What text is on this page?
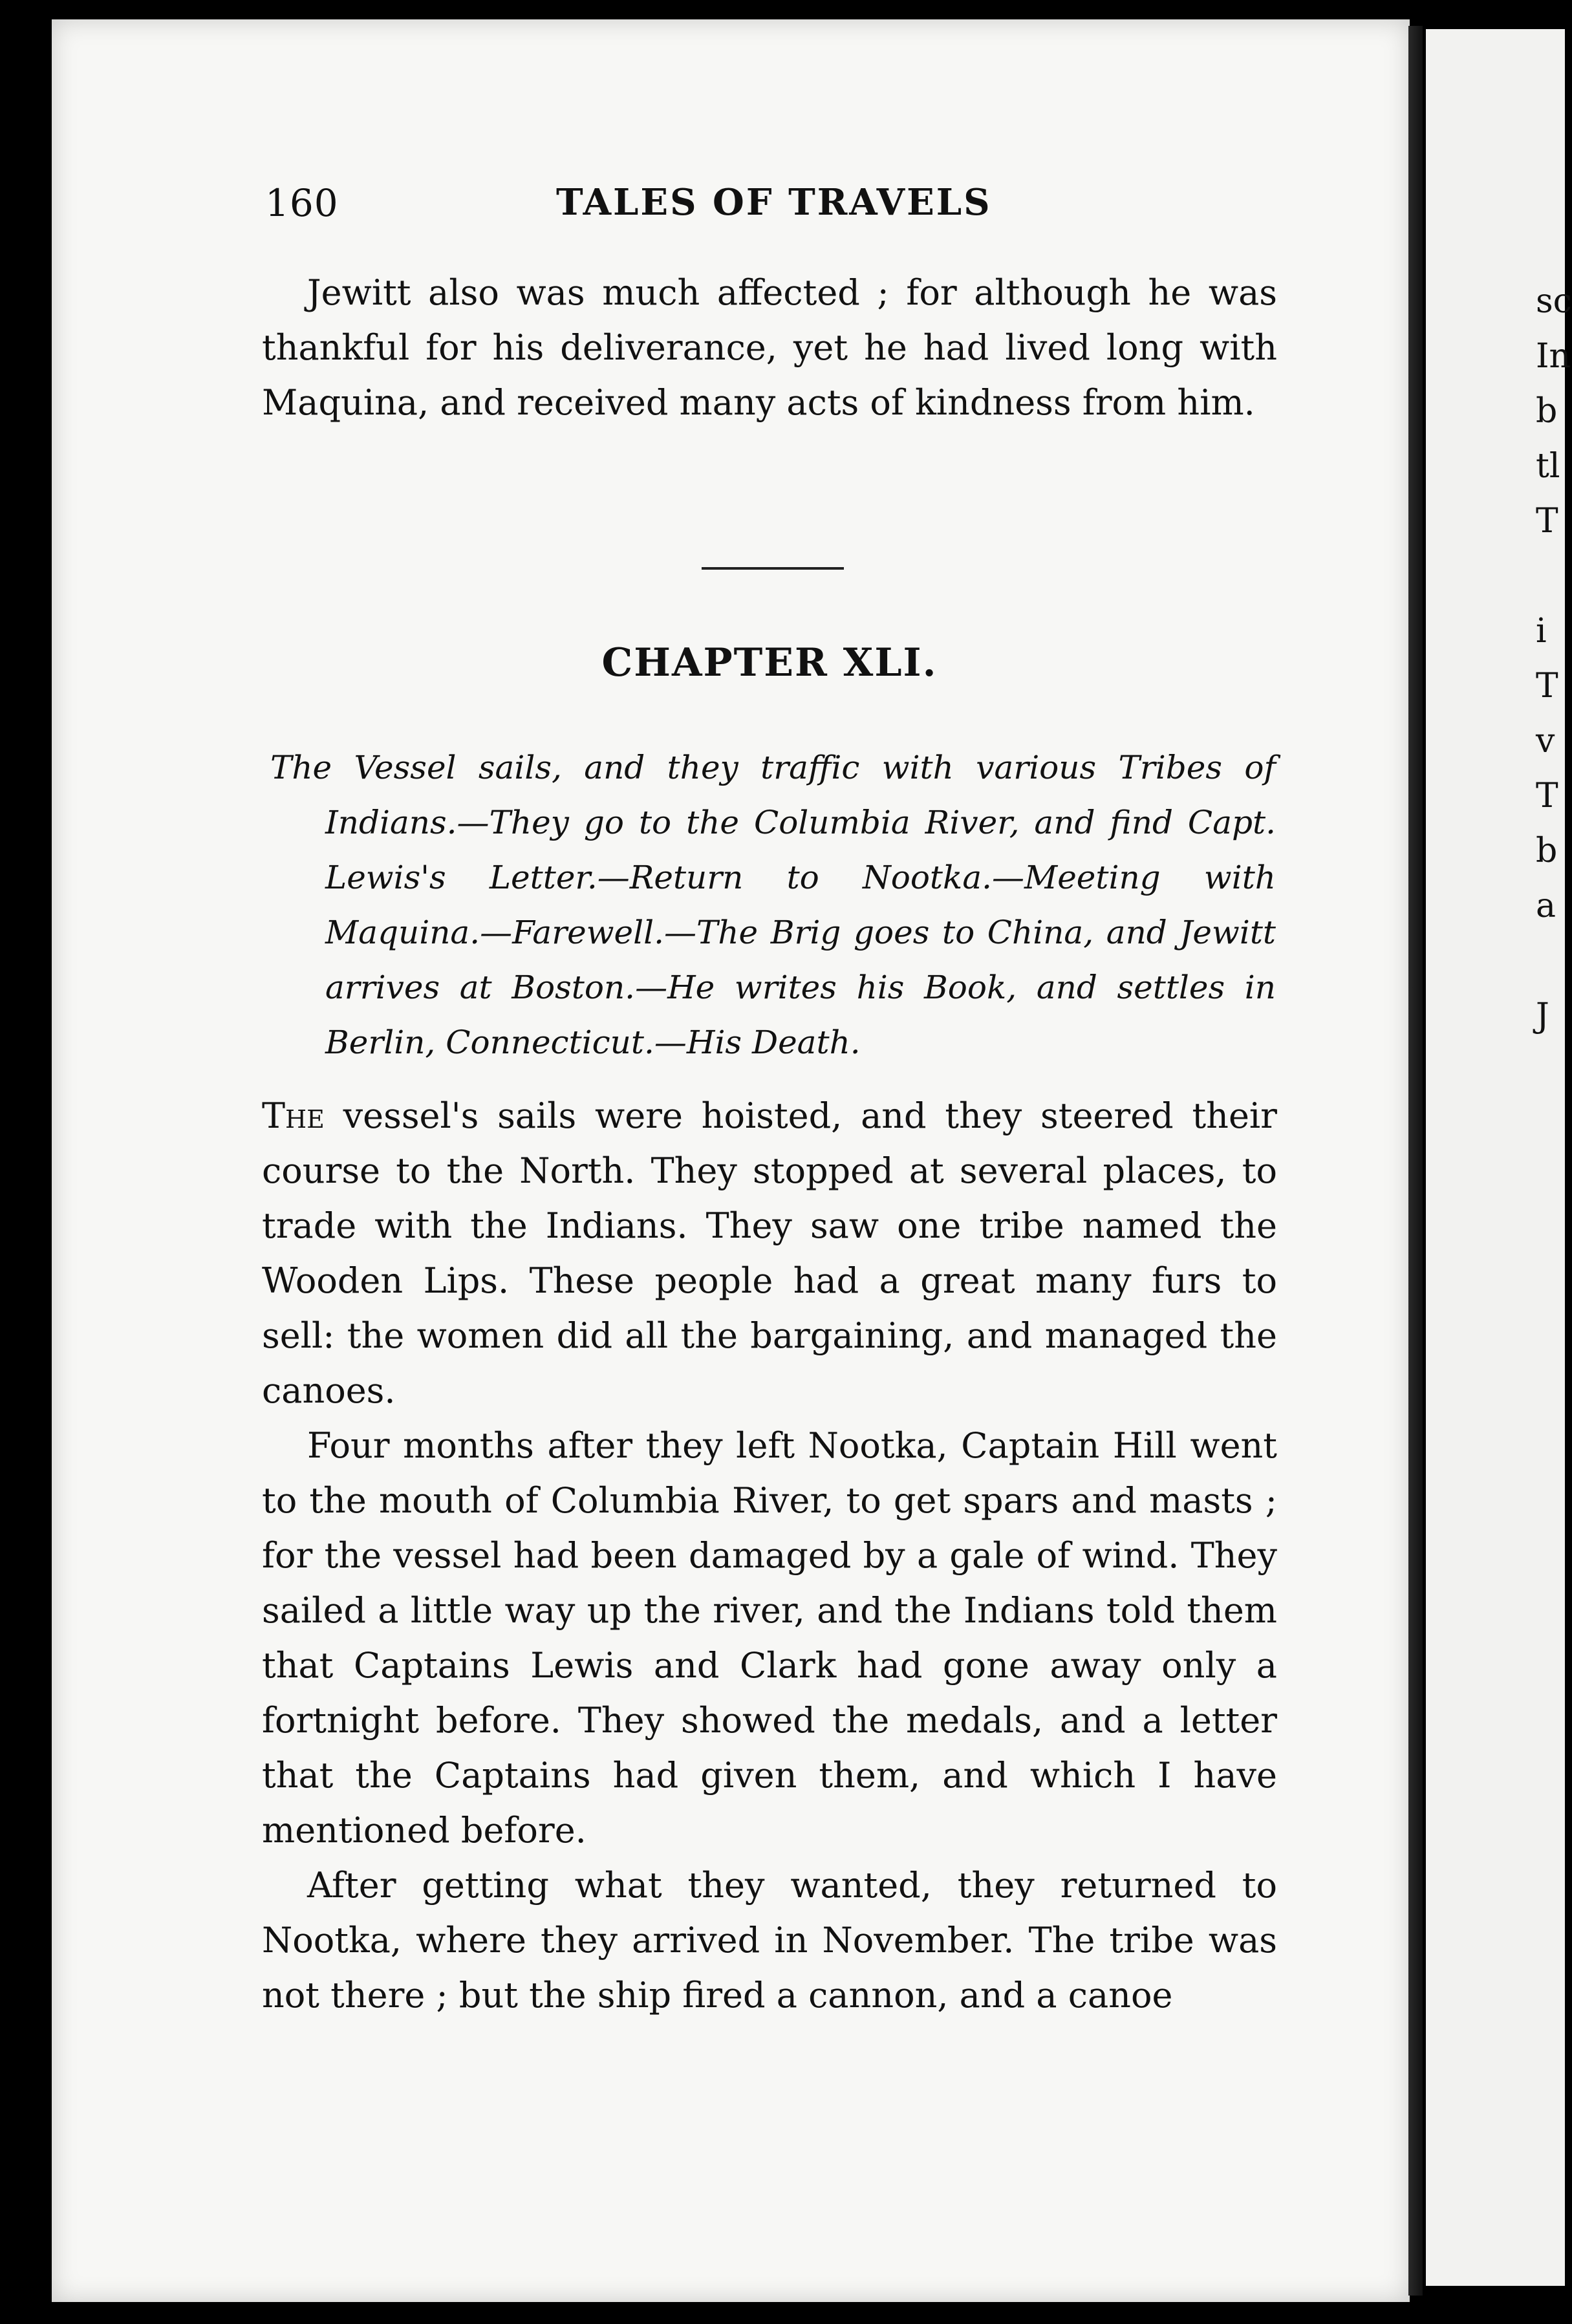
sc
In
b
tl
T
i
T
v
T
b
a
J
160	TALES OF TRAVELS

Jewitt also was much affected ; for although he was thankful for his deliverance, yet he had lived long with Maquina, and received many acts of kindness from him.

CHAPTER XLI.
The Vessel sails, and they traffic with various Tribes of Indians.—They go to the Columbia River, and find Capt. Lewis's Letter.—Return to Nootka.—Meeting with Maquina.—Farewell.—The Brig goes to China, and Jewitt arrives at Boston.—He writes his Book, and settles in Berlin, Connecticut.—His Death.

The vessel's sails were hoisted, and they steered their course to the North. They stopped at several places, to trade with the Indians. They saw one tribe named the Wooden Lips. These people had a great many furs to sell: the women did all the bargaining, and managed the canoes.

Four months after they left Nootka, Captain Hill went to the mouth of Columbia River, to get spars and masts ; for the vessel had been damaged by a gale of wind. They sailed a little way up the river, and the Indians told them that Captains Lewis and Clark had gone away only a fortnight before. They showed the medals, and a letter that the Captains had given them, and which I have mentioned before.

After getting what they wanted, they returned to Nootka, where they arrived in November. The tribe was not there ; but the ship fired a cannon, and a canoe
